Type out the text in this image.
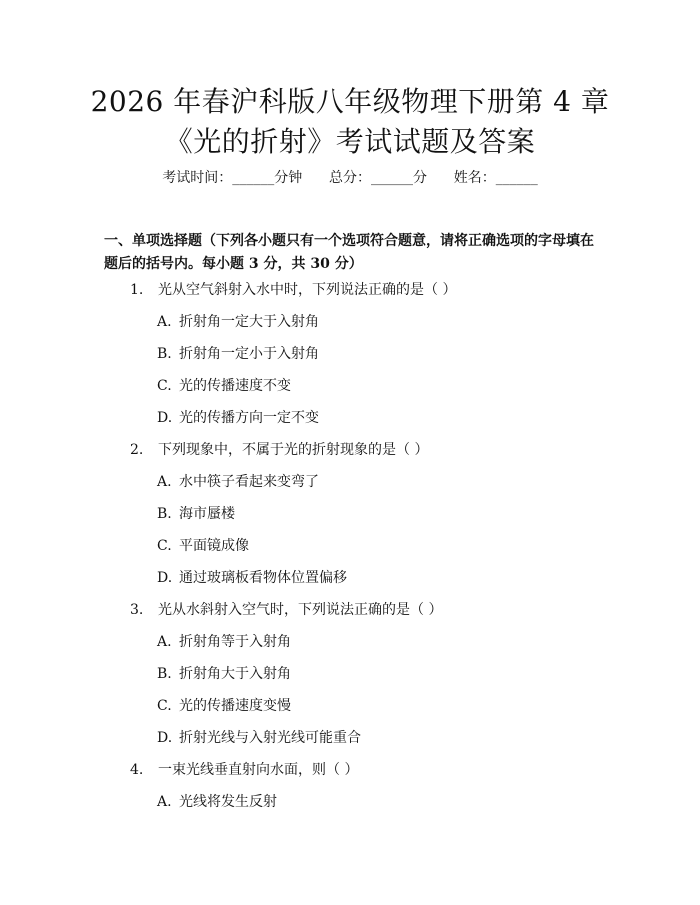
2026 年春沪科版八年级物理下册第 4 章《光的折射》考试试题及答案
考试时间：______分钟      总分：______分      姓名：______
一、单项选择题（下列各小题只有一个选项符合题意，请将正确选项的字母填在题后的括号内。每小题 3 分，共 30 分）
1. 光从空气斜射入水中时，下列说法正确的是（ ）
A. 折射角一定大于入射角
B. 折射角一定小于入射角
C. 光的传播速度不变
D. 光的传播方向一定不变
2. 下列现象中，不属于光的折射现象的是（ ）
A. 水中筷子看起来变弯了
B. 海市蜃楼
C. 平面镜成像
D. 通过玻璃板看物体位置偏移
3. 光从水斜射入空气时，下列说法正确的是（ ）
A. 折射角等于入射角
B. 折射角大于入射角
C. 光的传播速度变慢
D. 折射光线与入射光线可能重合
4. 一束光线垂直射向水面，则（ ）
A. 光线将发生反射
